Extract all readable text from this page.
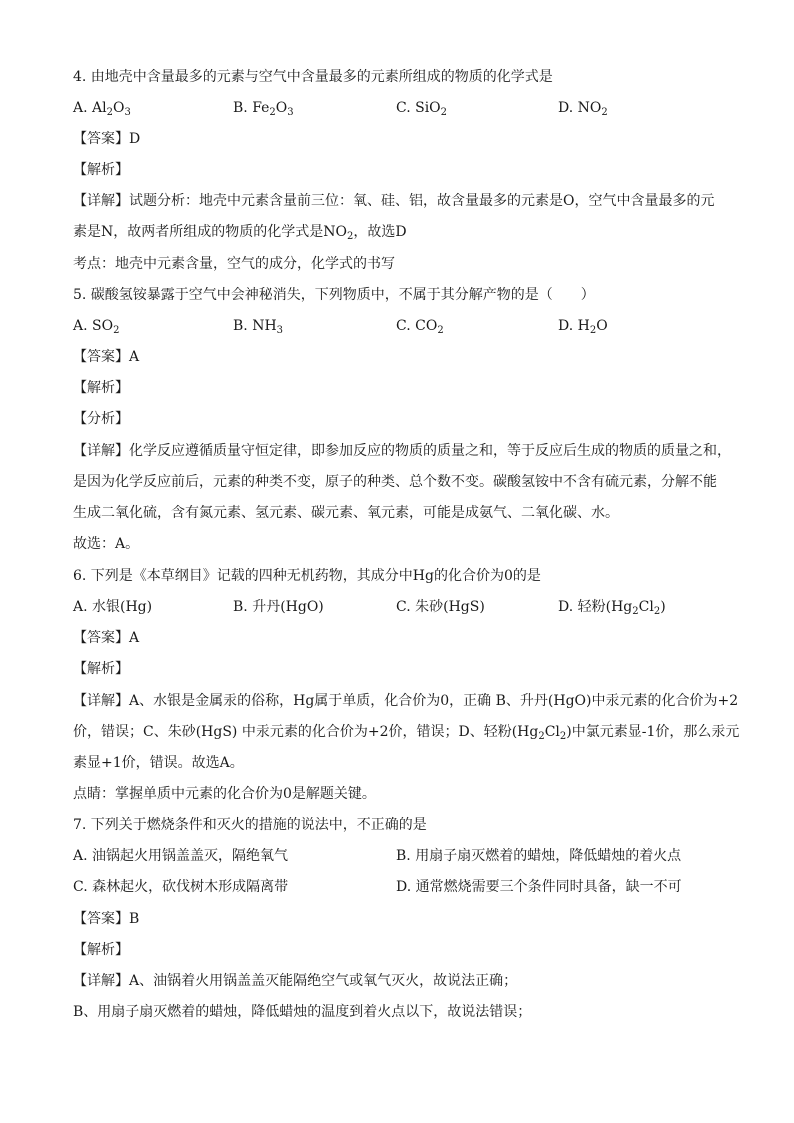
4. 由地壳中含量最多的元素与空气中含量最多的元素所组成的物质的化学式是
A. $Al_2O_3$	B. $Fe_2O_3$	C. SiO$_2$	D. $NO_2$
【答案】D
【解析】
【详解】试题分析：地壳中元素含量前三位：氧、硅、铝，故含量最多的元素是O，空气中含量最多的元
素是N，故两者所组成的物质的化学式是$NO_2$，故选D
考点：地壳中元素含量，空气的成分，化学式的书写
5. 碳酸氢铵暴露于空气中会神秘消失，下列物质中，不属于其分解产物的是（　　）
A. $SO_2$	B. $NH_3$	C. $CO_2$	D. $H_2O$
【答案】A
【解析】
【分析】
【详解】化学反应遵循质量守恒定律，即参加反应的物质的质量之和，等于反应后生成的物质的质量之和，
是因为化学反应前后，元素的种类不变，原子的种类、总个数不变。碳酸氢铵中不含有硫元素，分解不能
生成二氧化硫，含有氮元素、氢元素、碳元素、氧元素，可能是成氨气、二氧化碳、水。
故选：A。
6. 下列是《本草纲目》记载的四种无机药物，其成分中Hg的化合价为0的是
A. 水银(Hg)	B. 升丹(HgO)	C. 朱砂(HgS)	D. 轻粉$(Hg_2Cl_2)$
【答案】A
【解析】
【详解】A、水银是金属汞的俗称，Hg属于单质，化合价为0，正确 B、升丹(HgO)中汞元素的化合价为+2
价，错误；C、朱砂(HgS) 中汞元素的化合价为+2价，错误；D、轻粉$(Hg_2Cl_2)$中氯元素显-1价，那么汞元
素显+1价，错误。故选A。
点睛：掌握单质中元素的化合价为0是解题关键。
7. 下列关于燃烧条件和灭火的措施的说法中，不正确的是
A. 油锅起火用锅盖盖灭，隔绝氧气	B. 用扇子扇灭燃着的蜡烛，降低蜡烛的着火点
C. 森林起火，砍伐树木形成隔离带	D. 通常燃烧需要三个条件同时具备，缺一不可
【答案】B
【解析】
【详解】A、油锅着火用锅盖盖灭能隔绝空气或氧气灭火，故说法正确；
B、用扇子扇灭燃着的蜡烛，降低蜡烛的温度到着火点以下，故说法错误；
